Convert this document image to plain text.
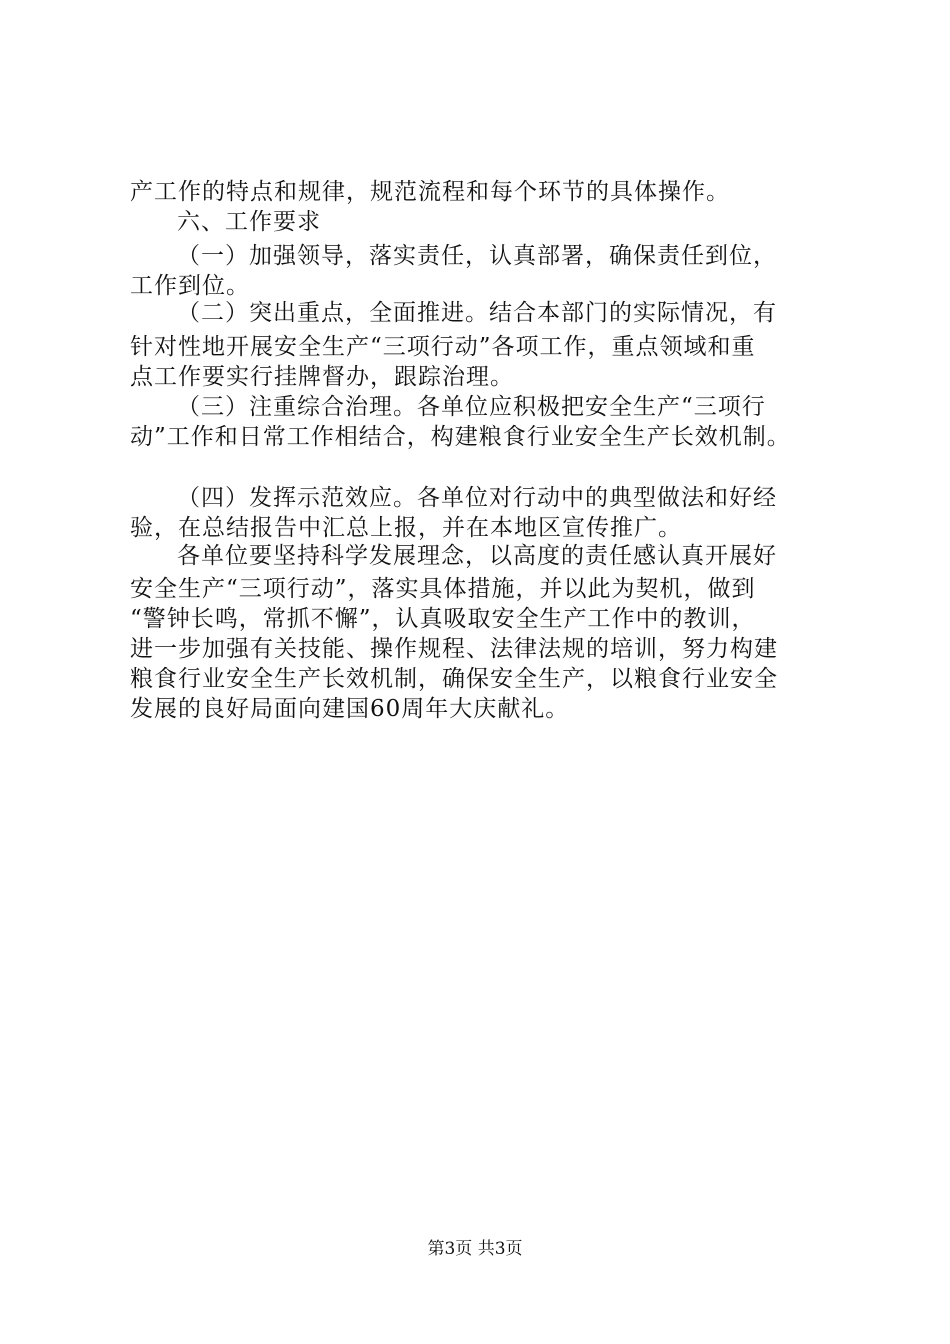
产工作的特点和规律，规范流程和每个环节的具体操作。
六、工作要求
（一）加强领导，落实责任，认真部署，确保责任到位，
工作到位。
（二）突出重点，全面推进。结合本部门的实际情况，有
针对性地开展安全生产“三项行动”各项工作，重点领域和重
点工作要实行挂牌督办，跟踪治理。
（三）注重综合治理。各单位应积极把安全生产“三项行
动”工作和日常工作相结合，构建粮食行业安全生产长效机制。
（四）发挥示范效应。各单位对行动中的典型做法和好经
验，在总结报告中汇总上报，并在本地区宣传推广。
各单位要坚持科学发展理念，以高度的责任感认真开展好
安全生产“三项行动”，落实具体措施，并以此为契机，做到
“警钟长鸣，常抓不懈”，认真吸取安全生产工作中的教训，
进一步加强有关技能、操作规程、法律法规的培训，努力构建
粮食行业安全生产长效机制，确保安全生产，以粮食行业安全
发展的良好局面向建国60周年大庆献礼。
第3页 共3页
